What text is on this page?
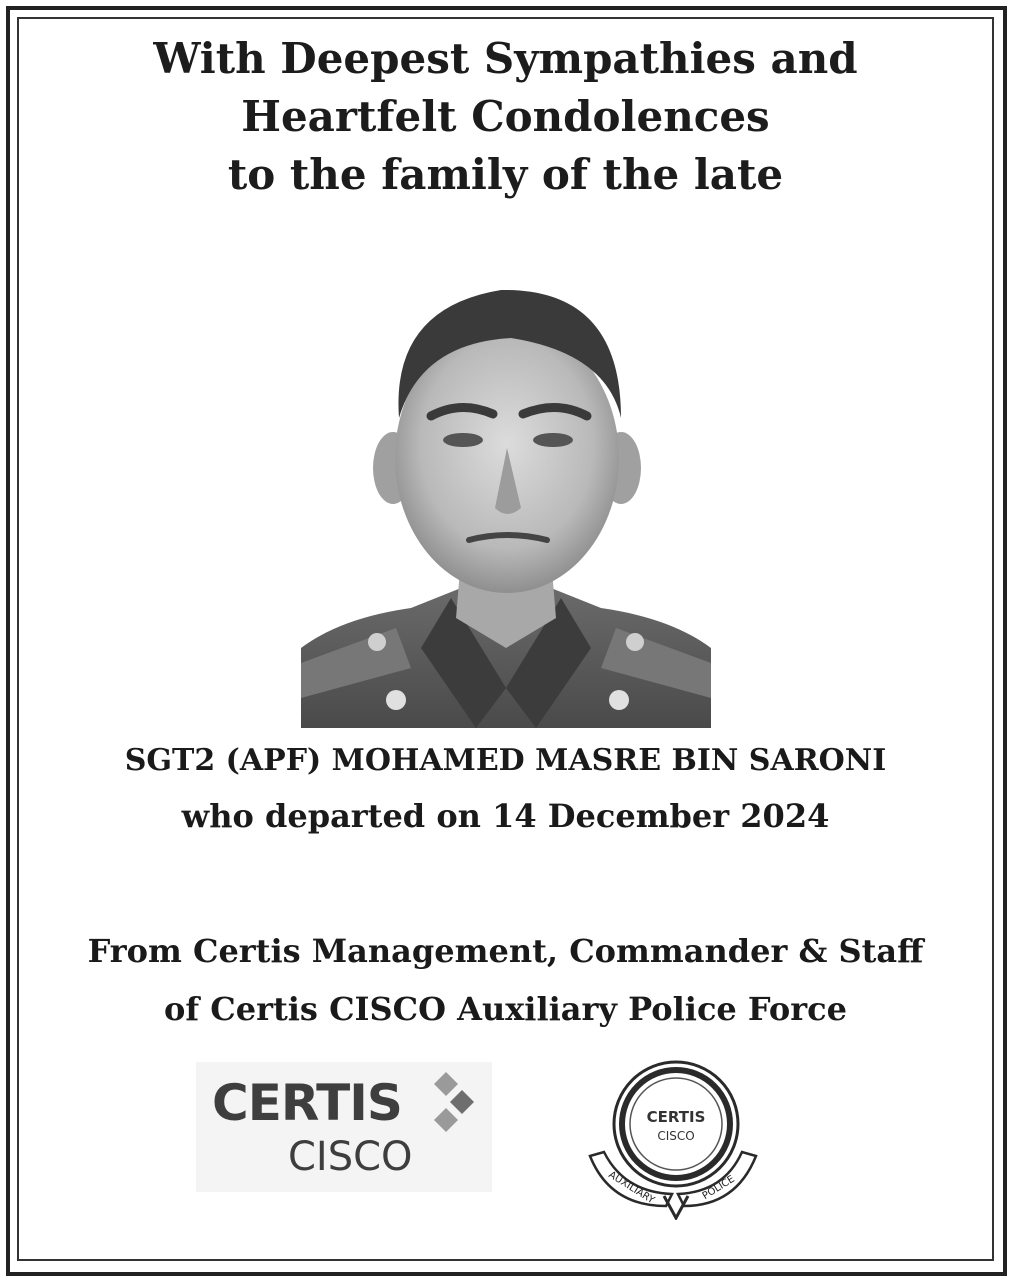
With Deepest Sympathies and
Heartfelt Condolences
to the family of the late
SGT2 (APF) MOHAMED MASRE BIN SARONI
who departed on 14 December 2024
From Certis Management, Commander & Staff
of Certis CISCO Auxiliary Police Force
CERTIS
CISCO
CERTIS
CISCO
AUXILIARY	POLICE
